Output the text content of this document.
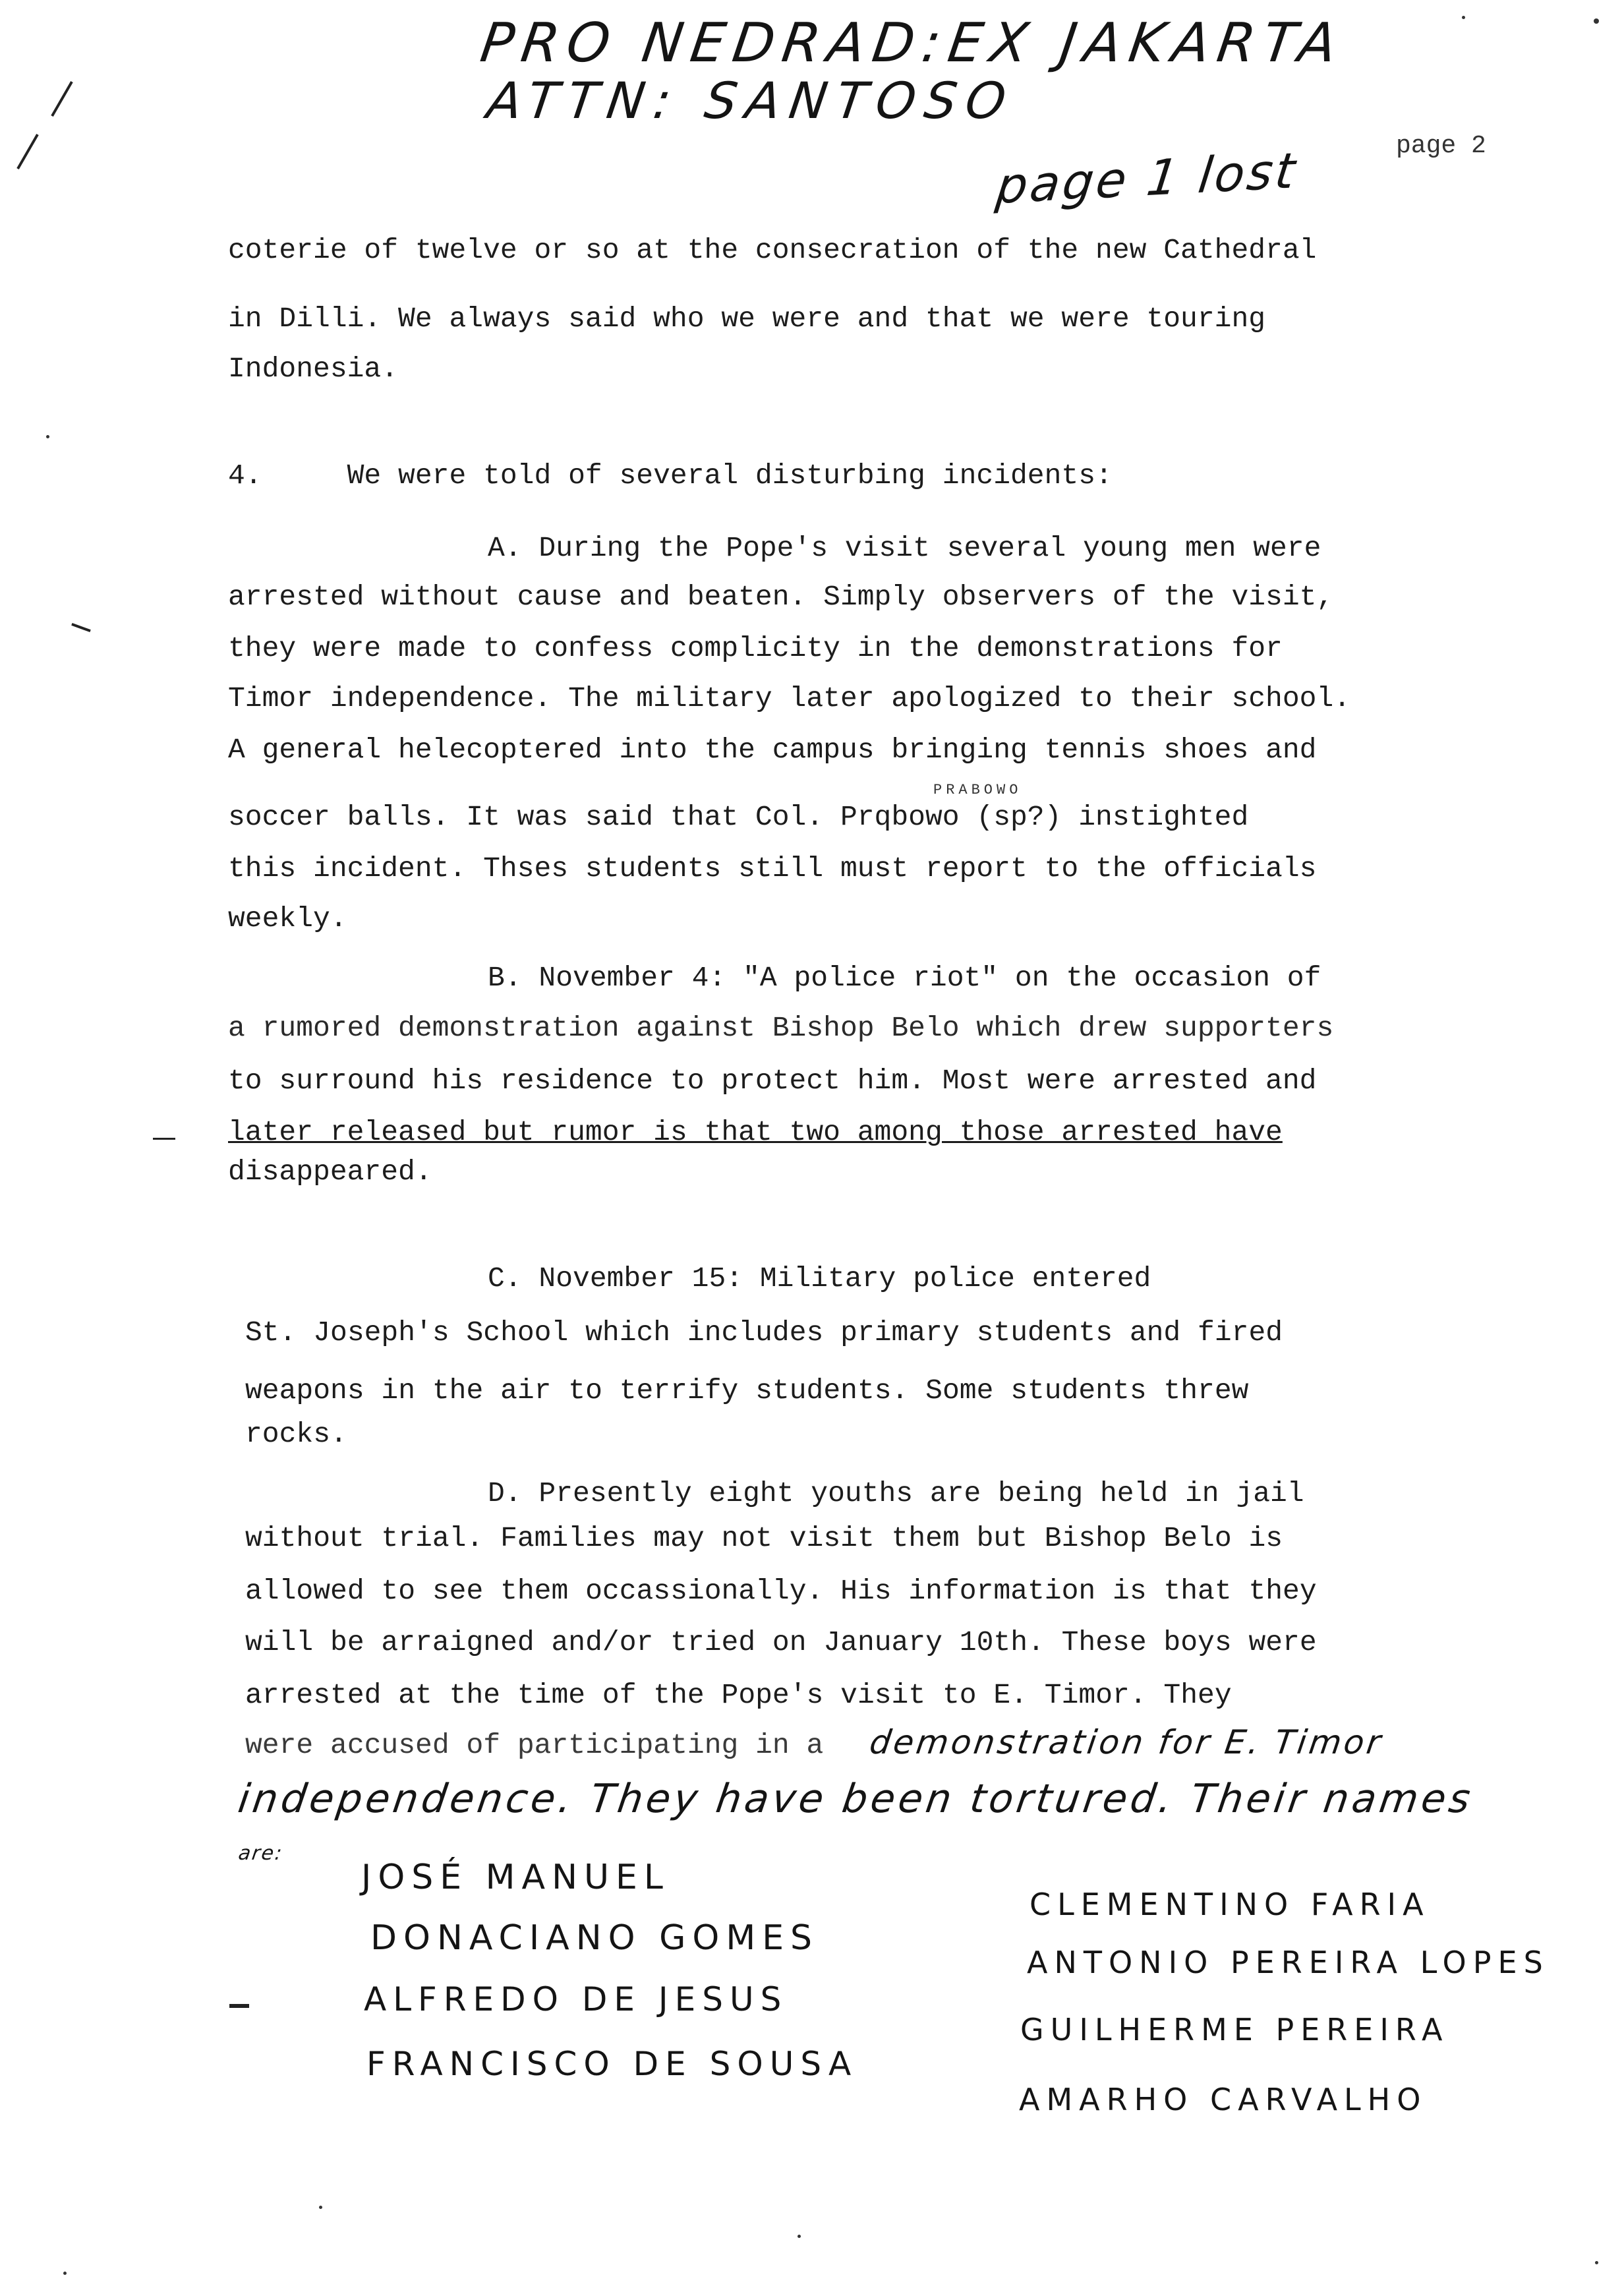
PRO NEDRAD:EX JAKARTA
ATTN: SANTOSO
page 2
page 1 lost
coterie of twelve or so at the consecration of the new Cathedral
in Dilli. We always said who we were and that we were touring
Indonesia.
4.     We were told of several disturbing incidents:
A. During the Pope's visit several young men were
arrested without cause and beaten. Simply observers of the visit,
they were made to confess complicity in the demonstrations for
Timor independence. The military later apologized to their school.
A general helecoptered into the campus bringing tennis shoes and
PRABOWO
soccer balls. It was said that Col. Prqbowo (sp?) instighted
this incident. Thses students still must report to the officials
weekly.
B. November 4: "A police riot" on the occasion of
a rumored demonstration against Bishop Belo which drew supporters
to surround his residence to protect him. Most were arrested and
later released but rumor is that two among those arrested have
disappeared.
C. November 15: Military police entered
St. Joseph's School which includes primary students and fired
weapons in the air to terrify students. Some students threw
rocks.
D. Presently eight youths are being held in jail
without trial. Families may not visit them but Bishop Belo is
allowed to see them occassionally. His information is that they
will be arraigned and/or tried on January 10th. These boys were
arrested at the time of the Pope's visit to E. Timor. They
were accused of participating in a demonstration for E. Timor
independence. They have been tortured. Their names
are:
JOSÉ MANUEL
DONACIANO GOMES
ALFREDO DE JESUS
FRANCISCO DE SOUSA
CLEMENTINO FARIA
ANTONIO PEREIRA LOPES
GUILHERME PEREIRA
AMARHO CARVALHO
